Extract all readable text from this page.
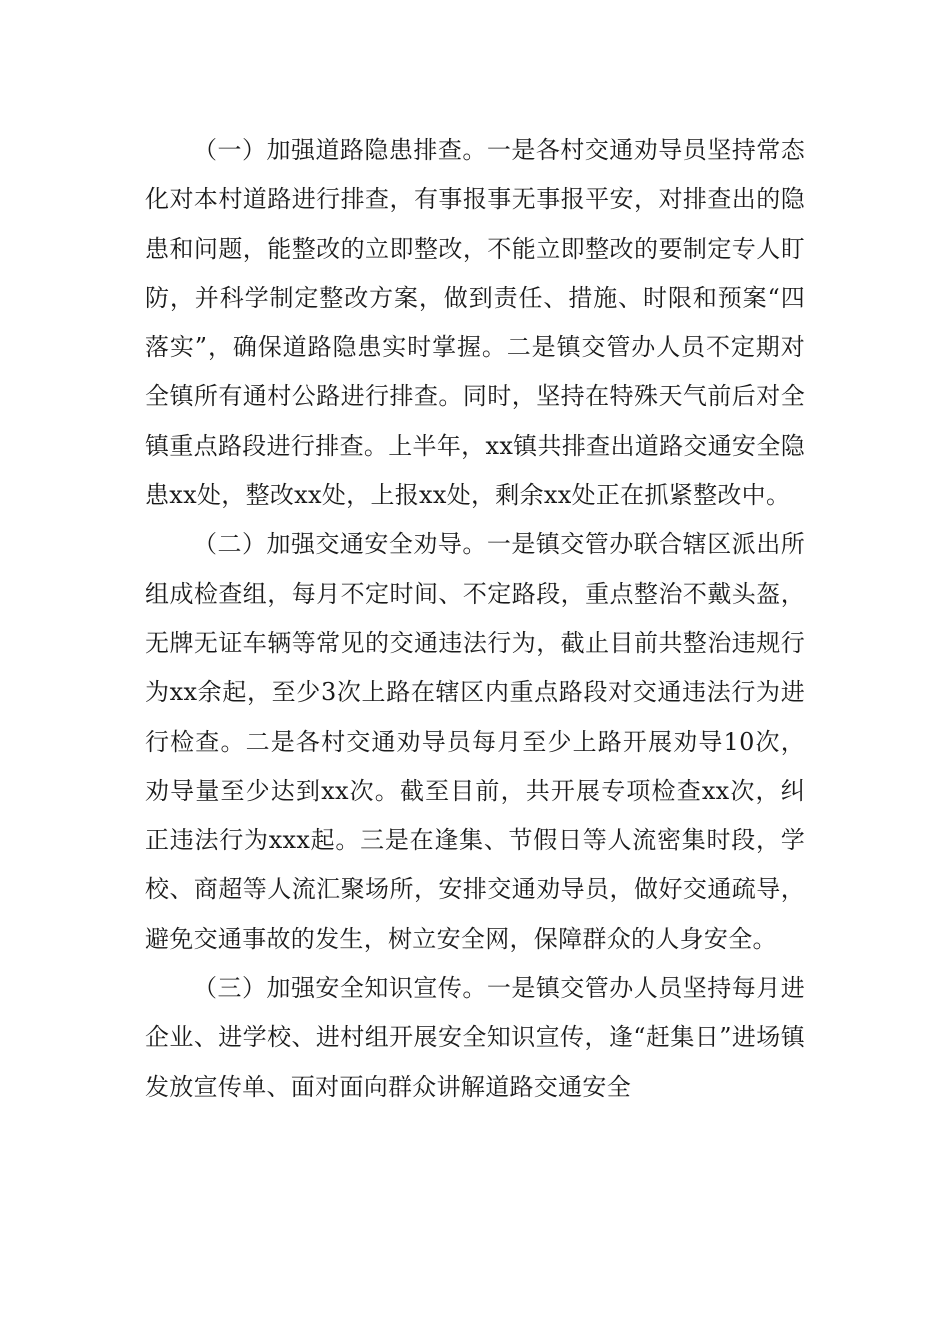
（一）加强道路隐患排查。一是各村交通劝导员坚持常态化对本村道路进行排查，有事报事无事报平安，对排查出的隐患和问题，能整改的立即整改，不能立即整改的要制定专人盯防，并科学制定整改方案，做到责任、措施、时限和预案“四落实”，确保道路隐患实时掌握。二是镇交管办人员不定期对全镇所有通村公路进行排查。同时，坚持在特殊天气前后对全镇重点路段进行排查。上半年，xx镇共排查出道路交通安全隐患xx处，整改xx处，上报xx处，剩余xx处正在抓紧整改中。

（二）加强交通安全劝导。一是镇交管办联合辖区派出所组成检查组，每月不定时间、不定路段，重点整治不戴头盔，无牌无证车辆等常见的交通违法行为，截止目前共整治违规行为xx余起，至少3次上路在辖区内重点路段对交通违法行为进行检查。二是各村交通劝导员每月至少上路开展劝导10次，劝导量至少达到xx次。截至目前，共开展专项检查xx次，纠正违法行为xxx起。三是在逢集、节假日等人流密集时段，学校、商超等人流汇聚场所，安排交通劝导员，做好交通疏导，避免交通事故的发生，树立安全网，保障群众的人身安全。

（三）加强安全知识宣传。一是镇交管办人员坚持每月进企业、进学校、进村组开展安全知识宣传，逢“赶集日”进场镇发放宣传单、面对面向群众讲解道路交通安全
